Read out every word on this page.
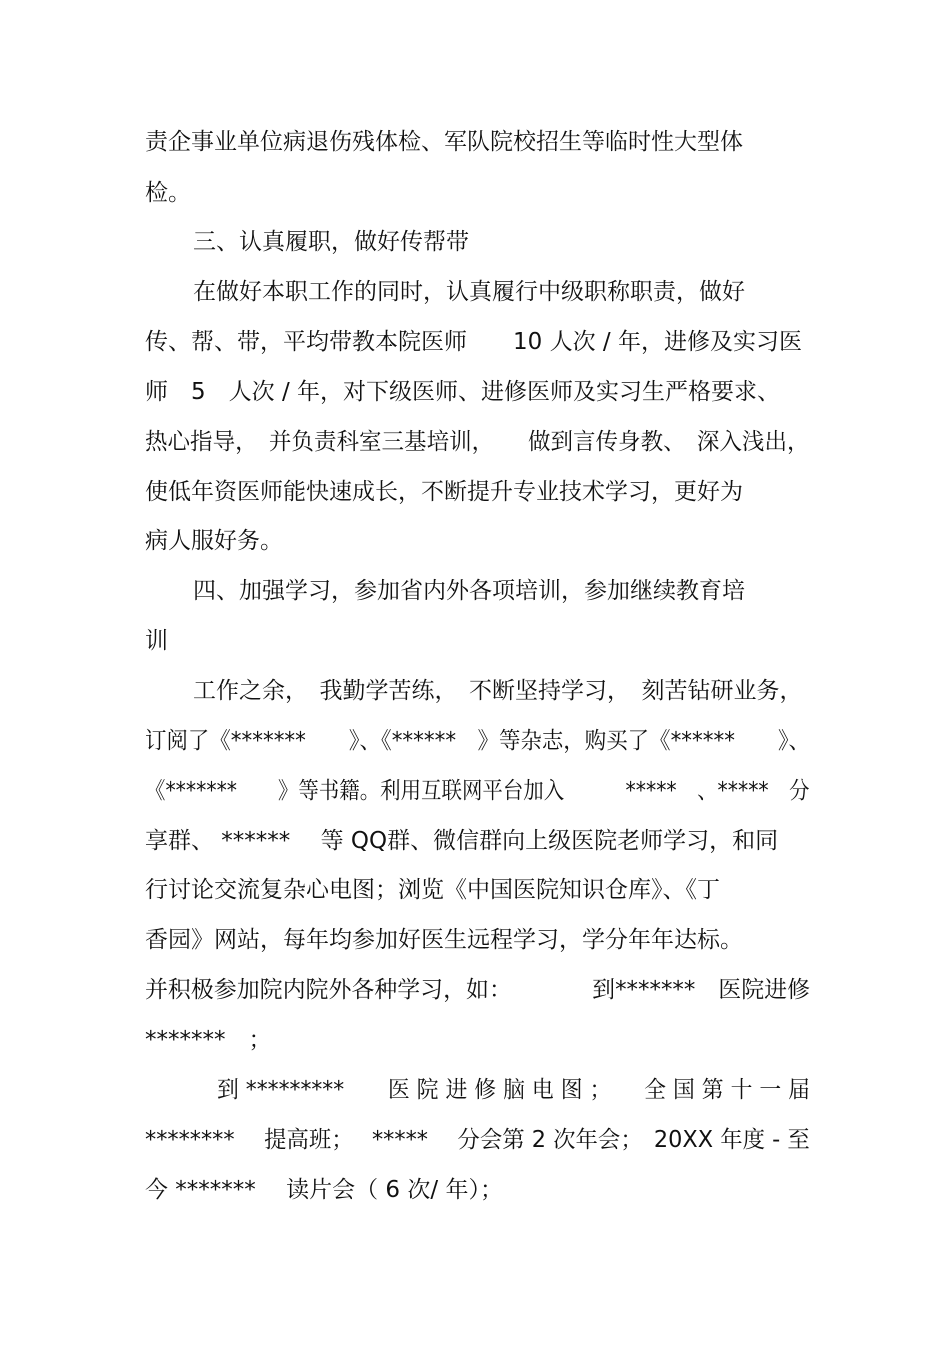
责企事业单位病退伤残体检、军队院校招生等临时性大型体
检。
三、认真履职，做好传帮带
在做好本职工作的同时，认真履行中级职称职责，做好
传、帮、带，平均带教本院医师　　10 人次 / 年，进修及实习医
师　5　人次 / 年，对下级医师、进修医师及实习生严格要求、
热心指导，　并负责科室三基培训，　　做到言传身教、　深入浅出，
使低年资医师能快速成长，不断提升专业技术学习，更好为
病人服好务。
四、加强学习，参加省内外各项培训，参加继续教育培
训
工作之余，　我勤学苦练，　不断坚持学习，　刻苦钻研业务，
订阅了《*******　　》、《******　》等杂志，购买了《******　　》、
《*******　　》等书籍。利用互联网平台加入　　　*****　、*****　分
享群、 ******　 等 QQ群、微信群向上级医院老师学习，和同
行讨论交流复杂心电图；浏览《中国医院知识仓库》、《丁
香园》网站，每年均参加好医生远程学习，学分年年达标。
并积极参加院内院外各种学习，如：　　　　到*******　医院进修
*******　；
到 *********　　医 院 进 修 脑 电 图 ；　　全 国 第 十 一 届
********　 提高班；　 *****　 分会第 2 次年会；　20XX 年度 - 至
今 *******　 读片会（ 6 次/ 年）；
